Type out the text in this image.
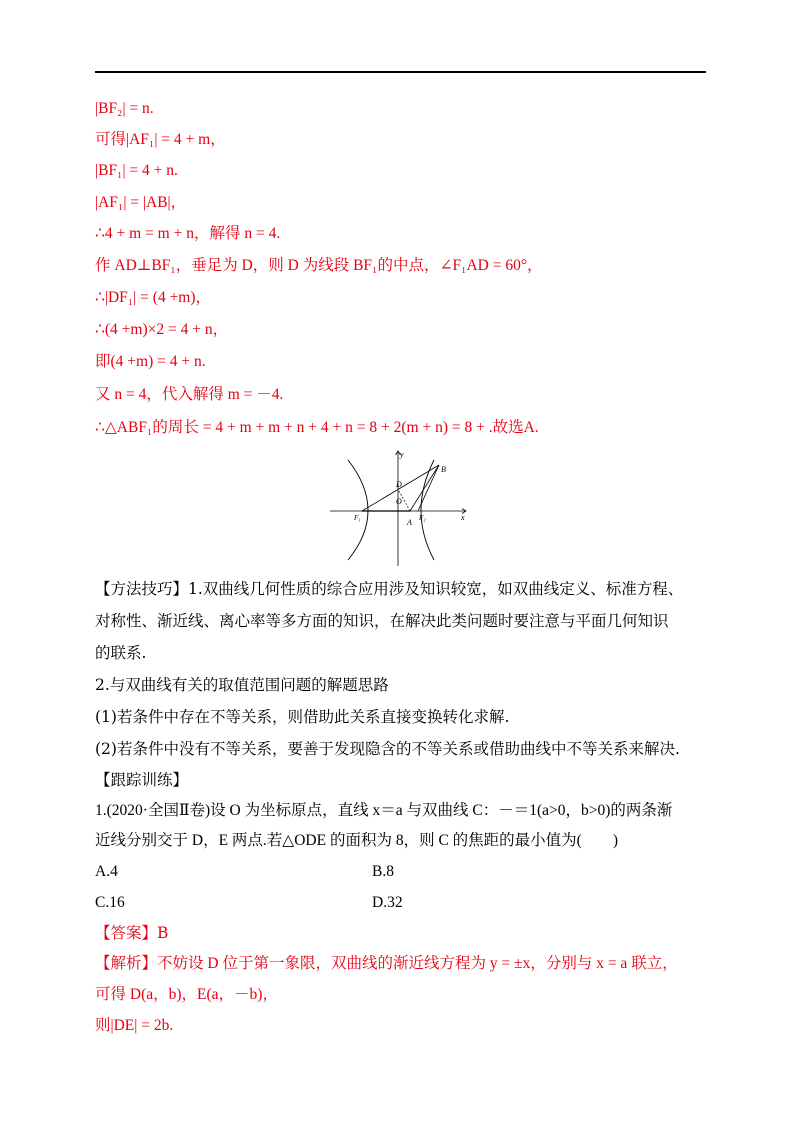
|BF₂| = n.
可得|AF₁| = 4 + m，
|BF₁| = 4 + n.
|AF₁| = |AB|，
∴4 + m = m + n，解得 n = 4.
作 AD⊥BF₁，垂足为 D，则 D 为线段 BF₁的中点，∠F₁AD = 60°，
∴|DF₁| = (4 +m)，
∴(4 +m)×2 = 4 + n，
即(4 +m) = 4 + n.
又 n = 4，代入解得 m = －4.
∴△ABF₁的周长 = 4 + m + m + n + 4 + n = 8 + 2(m + n) = 8 + .故选A.
y
x
B
D
O
F₁	A F₂
【方法技巧】1.双曲线几何性质的综合应用涉及知识较宽，如双曲线定义、标准方程、
对称性、渐近线、离心率等多方面的知识，在解决此类问题时要注意与平面几何知识
的联系.
2.与双曲线有关的取值范围问题的解题思路
(1)若条件中存在不等关系，则借助此关系直接变换转化求解.
(2)若条件中没有不等关系，要善于发现隐含的不等关系或借助曲线中不等关系来解决.
【跟踪训练】
1.(2020·全国Ⅱ卷)设 O 为坐标原点，直线 x＝a 与双曲线 C：－＝1(a>0，b>0)的两条渐
近线分别交于 D，E 两点.若△ODE 的面积为 8，则 C 的焦距的最小值为(　　)
A.4	B.8
C.16	D.32
【答案】B
【解析】不妨设 D 位于第一象限，双曲线的渐近线方程为 y = ±x，分别与 x = a 联立，
可得 D(a，b)，E(a，－b)，
则|DE| = 2b.
